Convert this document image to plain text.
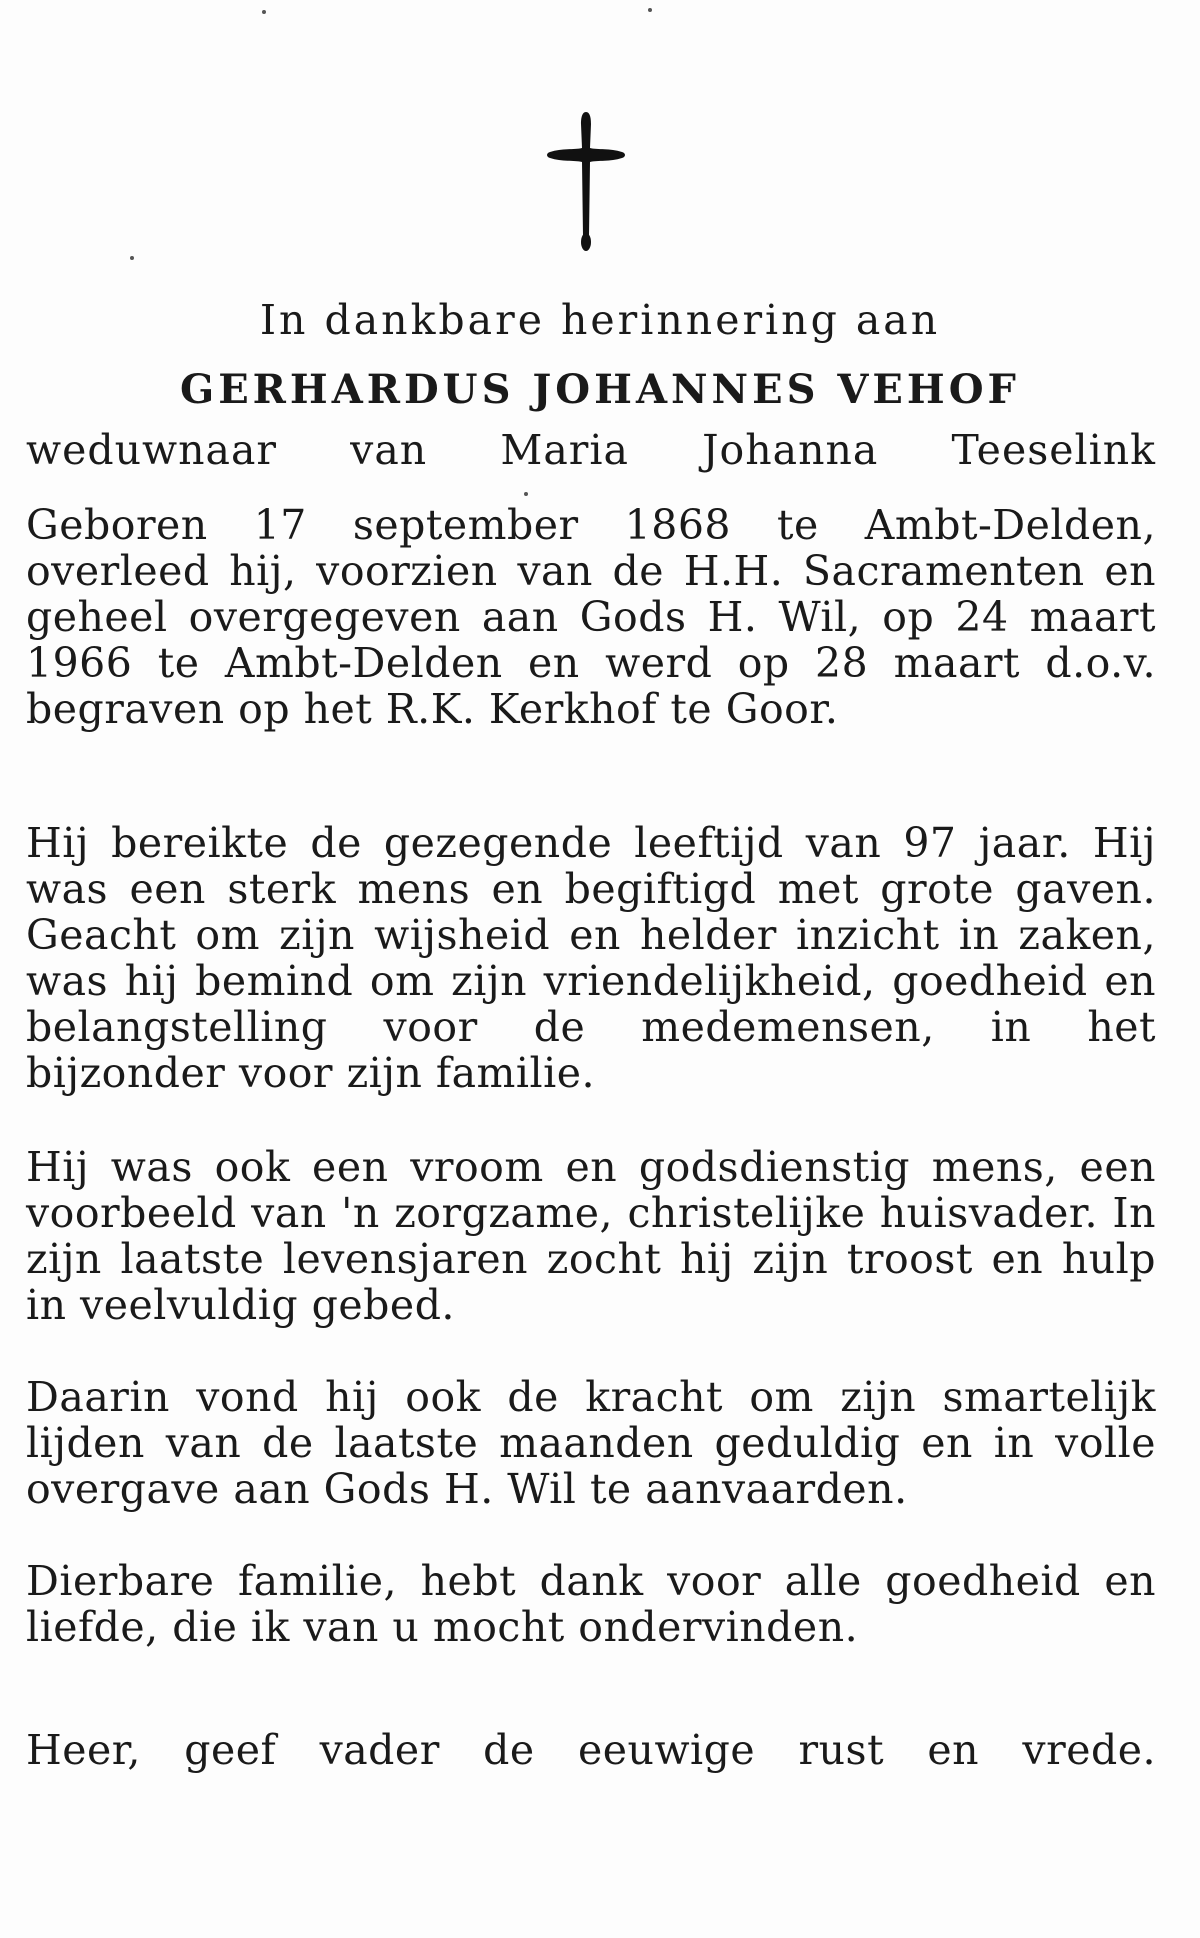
In dankbare herinnering aan
GERHARDUS JOHANNES VEHOF
weduwnaar van Maria Johanna Teeselink

Geboren 17 september 1868 te Ambt-Delden, overleed hij, voorzien van de H.H. Sacramenten en geheel overgegeven aan Gods H. Wil, op 24 maart 1966 te Ambt-Delden en werd op 28 maart d.o.v. begraven op het R.K. Kerkhof te Goor.

Hij bereikte de gezegende leeftijd van 97 jaar. Hij was een sterk mens en begiftigd met grote gaven. Geacht om zijn wijsheid en helder inzicht in zaken, was hij bemind om zijn vriendelijkheid, goedheid en belangstelling voor de medemensen, in het bijzonder voor zijn familie.

Hij was ook een vroom en godsdienstig mens, een voorbeeld van 'n zorgzame, christelijke huisvader. In zijn laatste levensjaren zocht hij zijn troost en hulp in veelvuldig gebed.

Daarin vond hij ook de kracht om zijn smartelijk lijden van de laatste maanden geduldig en in volle overgave aan Gods H. Wil te aanvaarden.

Dierbare familie, hebt dank voor alle goedheid en liefde, die ik van u mocht ondervinden.

Heer, geef vader de eeuwige rust en vrede.
